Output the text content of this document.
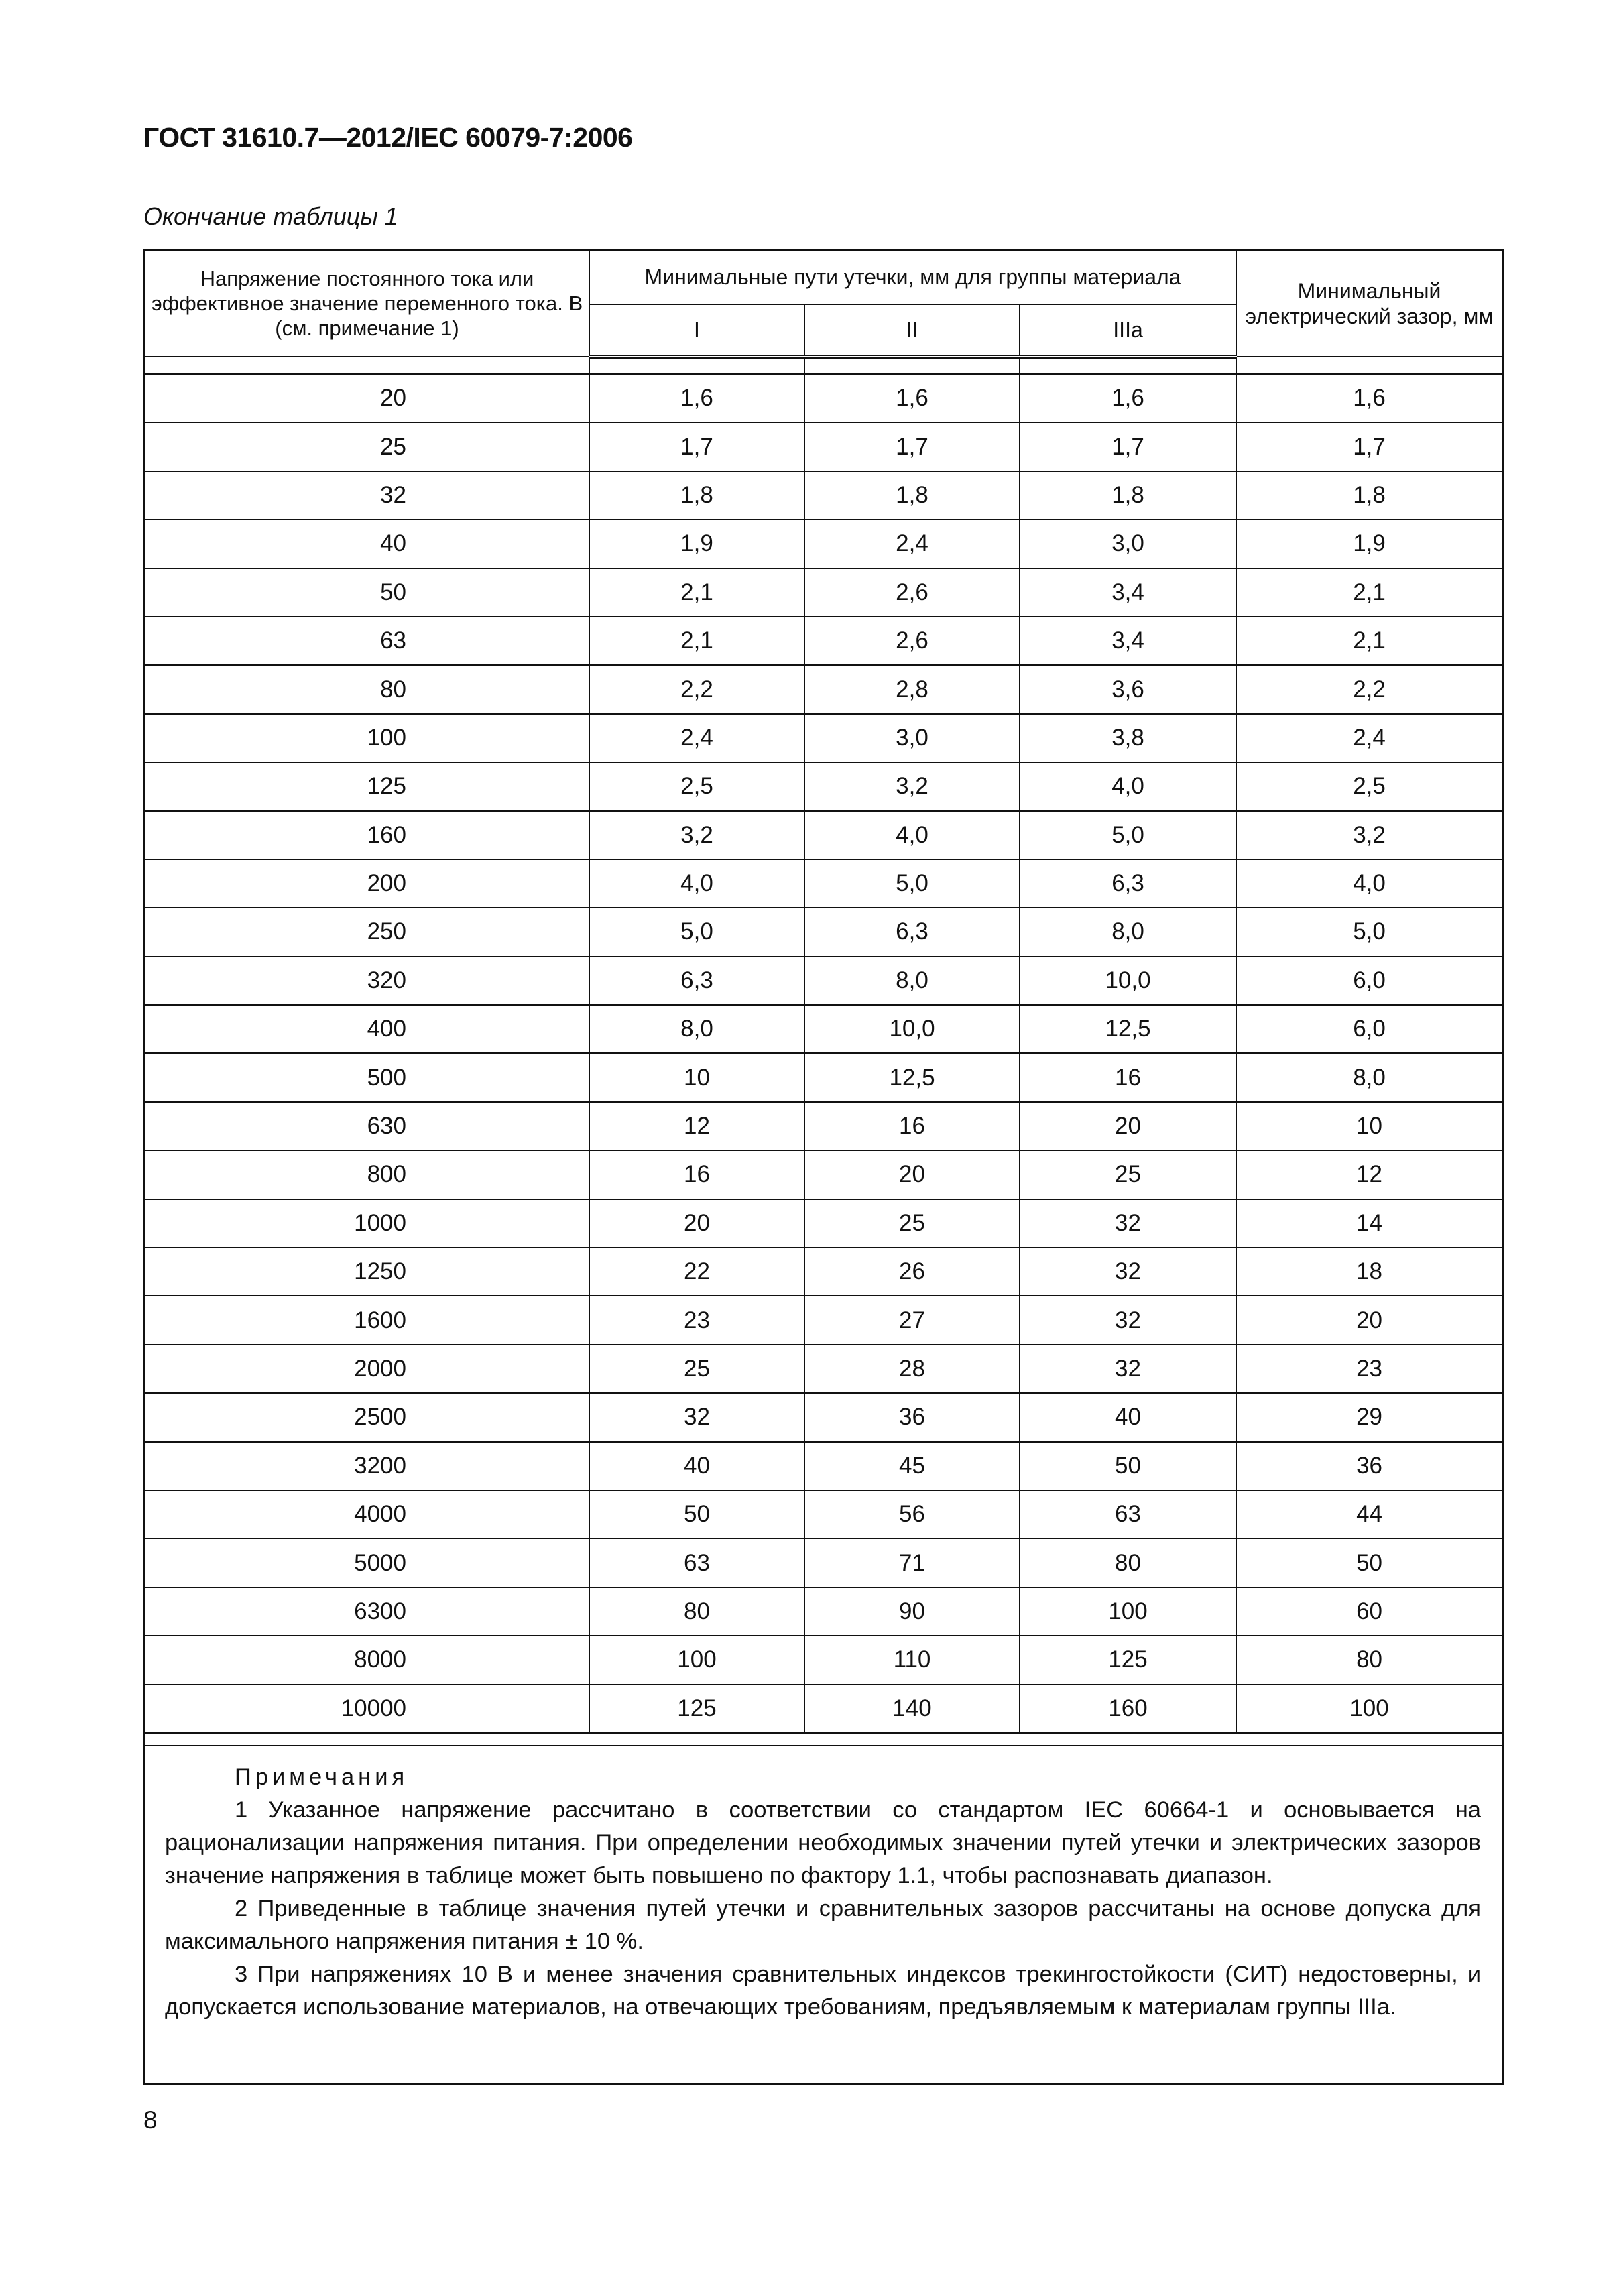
ГОСТ 31610.7—2012/IEC 60079-7:2006
Окончание таблицы 1
Напряжение постоянного тока или эффективное значение переменного тока. В (см. примечание 1)	Минимальные пути утечки, мм для группы материала			Минимальный электрический зазор, мм
	I	II	IIIa	

20	1,6	1,6	1,6	1,6
25	1,7	1,7	1,7	1,7
32	1,8	1,8	1,8	1,8
40	1,9	2,4	3,0	1,9
50	2,1	2,6	3,4	2,1
63	2,1	2,6	3,4	2,1
80	2,2	2,8	3,6	2,2
100	2,4	3,0	3,8	2,4
125	2,5	3,2	4,0	2,5
160	3,2	4,0	5,0	3,2
200	4,0	5,0	6,3	4,0
250	5,0	6,3	8,0	5,0
320	6,3	8,0	10,0	6,0
400	8,0	10,0	12,5	6,0
500	10	12,5	16	8,0
630	12	16	20	10
800	16	20	25	12
1000	20	25	32	14
1250	22	26	32	18
1600	23	27	32	20
2000	25	28	32	23
2500	32	36	40	29
3200	40	45	50	36
4000	50	56	63	44
5000	63	71	80	50
6300	80	90	100	60
8000	100	110	125	80
10000	125	140	160	100
Примечания

1 Указанное напряжение рассчитано в соответствии со стандартом IEC 60664-1 и основывается на рационализации напряжения питания. При определении необходимых значении путей утечки и электрических зазоров значение напряжения в таблице может быть повышено по фактору 1.1, чтобы распознавать диапазон.

2 Приведенные в таблице значения путей утечки и сравнительных зазоров рассчитаны на основе допуска для максимального напряжения питания ± 10 %.

3 При напряжениях 10 В и менее значения сравнительных индексов трекингостойкости (СИТ) недостоверны, и допускается использование материалов, на отвечающих требованиям, предъявляемым к материалам группы IIIa.

8
